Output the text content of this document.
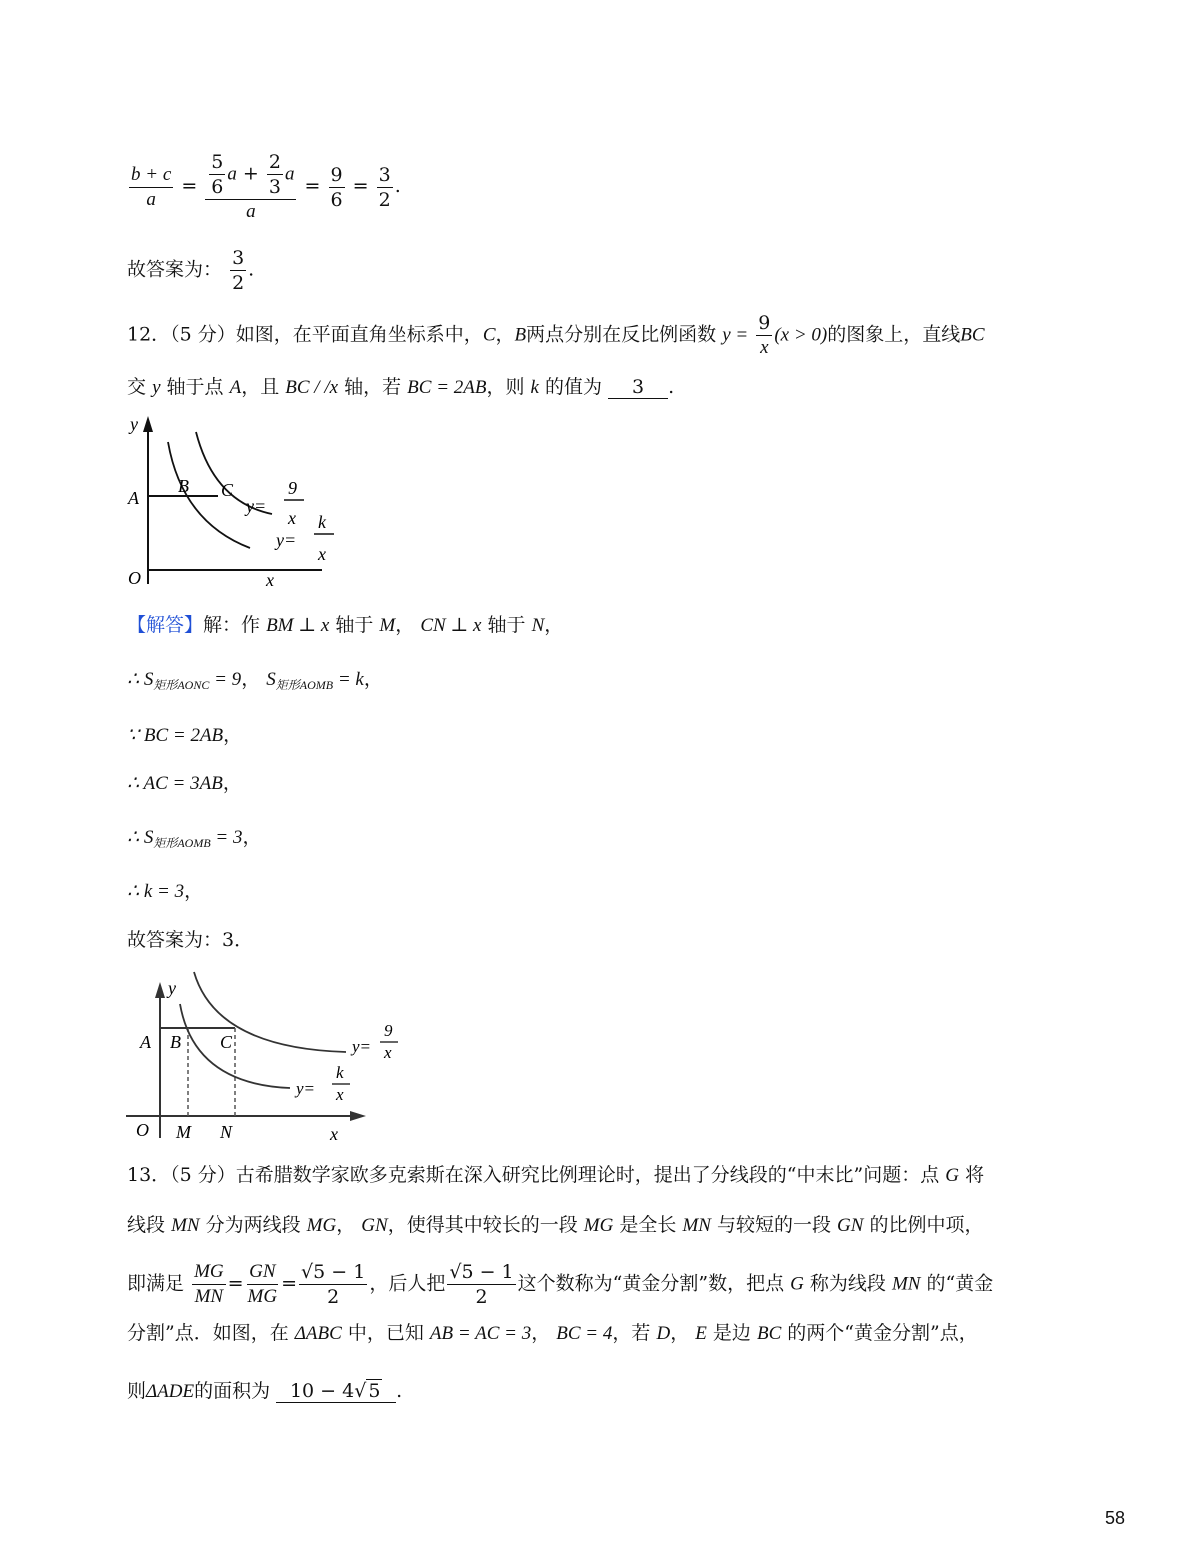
$\frac{b + c}{a} = \frac{\frac{5}{6} a + \frac{2}{3} a}{a} = \frac{9}{6} = \frac{3}{2}$ .
故答案为： $\frac{3}{2}$ .
12．（5 分）如图，在平面直角坐标系中，C，B两点分别在反比例函数 $y = \frac{9}{x} (x > 0)$的图象上，直线BC
交 y 轴于点 A，且 BC / /x 轴，若 BC = 2AB，则 k 的值为 3 .
y
A
B C
O	x
y=
9
x
y=
k
x
【解答】解：作 BM ⊥ x 轴于 M， CN ⊥ x 轴于 N，
∴ $S_{矩形AONC} = 9$， $S_{矩形AOMB} = k$，
∵ BC = 2AB，
∴ AC = 3AB，
∴ $S_{矩形AOMB} = 3$，
∴ k = 3，
故答案为：3．
y
A B C
O M N	x
y=
9
x
y=
k
x
13．（5 分）古希腊数学家欧多克索斯在深入研究比例理论时，提出了分线段的“中末比”问题：点 G 将
线段 MN 分为两线段 MG， GN，使得其中较长的一段 MG 是全长 MN 与较短的一段 GN 的比例中项，
即满足 $\frac{MG}{MN} = \frac{GN}{MG} = \frac{√5 - 1}{2}$ ，后人把 $\frac{√5 - 1}{2}$ 这个数称为“黄金分割”数，把点 G 称为线段 MN 的“黄金
分割”点．如图，在 ΔABC 中，已知 AB = AC = 3， BC = 4，若 D， E 是边 BC 的两个“黄金分割”点，
则ΔADE的面积为 10 − 4√ 5 .
58
